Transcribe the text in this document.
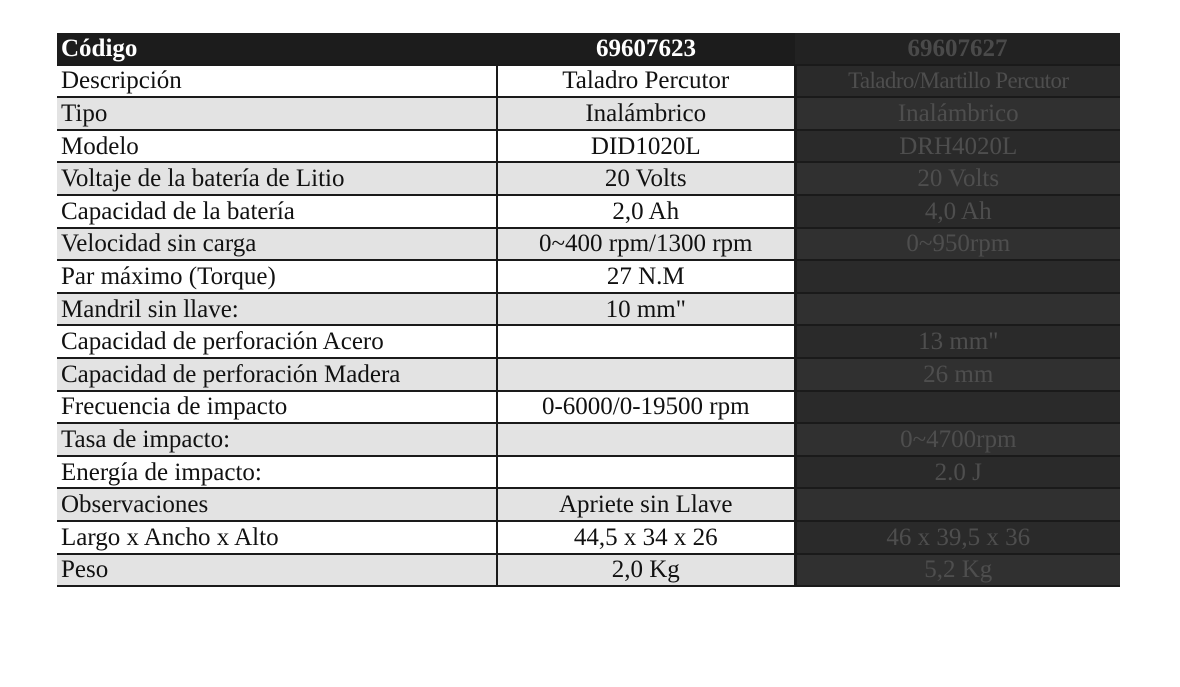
Código	69607623	69607627
Descripción	Taladro Percutor	Taladro/Martillo Percutor
Tipo	Inalámbrico	Inalámbrico
Modelo	DID1020L	DRH4020L
Voltaje de la batería de Litio	20 Volts	20 Volts
Capacidad de la batería	2,0 Ah	4,0 Ah
Velocidad sin carga	0~400 rpm/1300 rpm	0~950rpm
Par máximo (Torque)	27 N.M	
Mandril sin llave:	10 mm"	
Capacidad de perforación Acero		13 mm"
Capacidad de perforación Madera		26 mm
Frecuencia de impacto	0-6000/0-19500 rpm	
Tasa de impacto:		0~4700rpm
Energía de impacto:		2.0 J
Observaciones	Apriete sin Llave	
Largo x Ancho x Alto	44,5 x 34 x 26	46 x 39,5 x 36
Peso	2,0 Kg	5,2 Kg
